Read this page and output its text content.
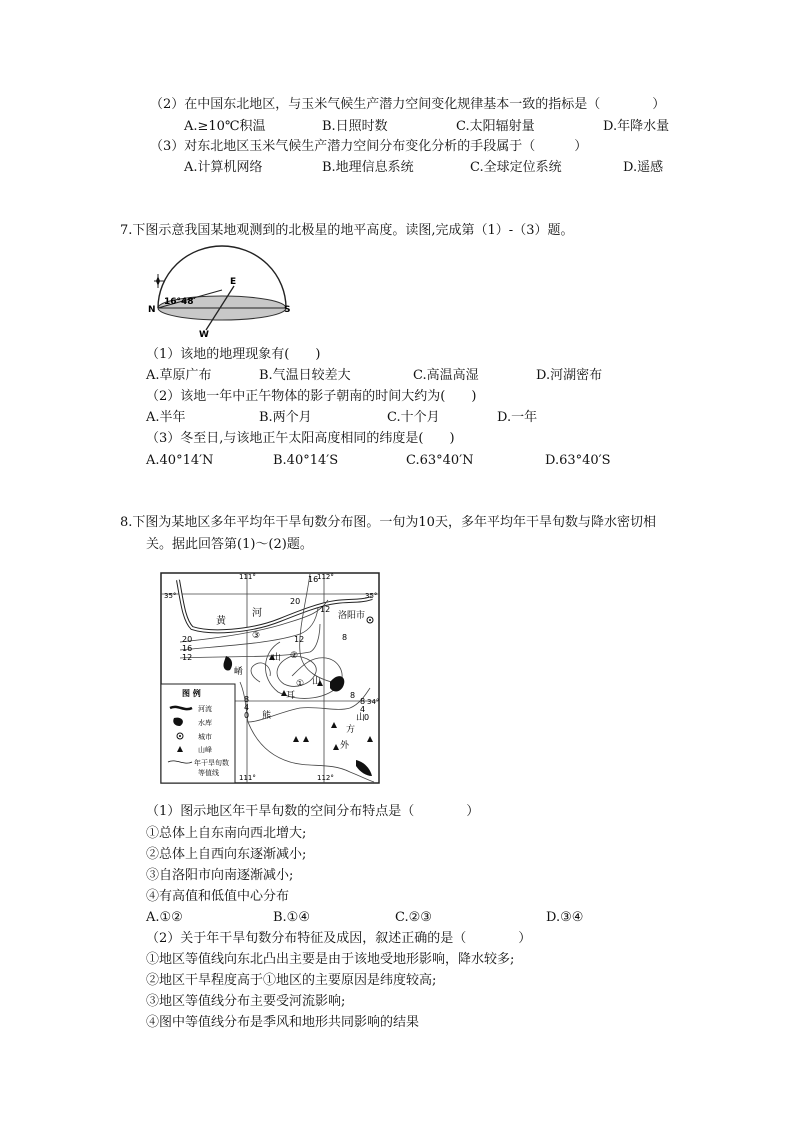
（2）在中国东北地区，与玉米气候生产潜力空间变化规律基本一致的指标是（　　　　）
A.≥10℃积温	B.日照时数	C.太阳辐射量	D.年降水量
（3）对东北地区玉米气候生产潜力空间分布变化分析的手段属于（　　　）
A.计算机网络	B.地理信息系统	C.全球定位系统	D.遥感
7.下图示意我国某地观测到的北极星的地平高度。读图,完成第（1）-（3）题。
N	S
E
W
16°48′
（1）该地的地理现象有(　　)
A.草原广布	B.气温日较差大	C.高温高湿	D.河湖密布
（2）该地一年中正午物体的影子朝南的时间大约为(　　)
A.半年	B.两个月	C.十个月	D.一年
（3）冬至日,与该地正午太阳高度相同的纬度是(　　)
A.40°14′N	B.40°14′S	C.63°40′N	D.63°40′S
8.下图为某地区多年平均年干旱旬数分布图。一旬为10天，多年平均年干旱旬数与降水密切相
关。据此回答第(1)～(2)题。
111°	112°
111°	112°
35°	35°
34°
洛阳市
黄
河
崤
山
熊
耳
山
方
外
山
16
20
12
8
20
16
12
12
8
4
0
8
8
4
0
①
②
③
图 例
河流
水库
城市
山峰
年干旱旬数
等值线
（1）图示地区年干旱旬数的空间分布特点是（　　　　）
①总体上自东南向西北增大;
②总体上自西向东逐渐减小;
③自洛阳市向南逐渐减小;
④有高值和低值中心分布
A.①②	B.①④	C.②③	D.③④
（2）关于年干旱旬数分布特征及成因，叙述正确的是（　　　　）
①地区等值线向东北凸出主要是由于该地受地形影响，降水较多;
②地区干旱程度高于①地区的主要原因是纬度较高;
③地区等值线分布主要受河流影响;
④图中等值线分布是季风和地形共同影响的结果
